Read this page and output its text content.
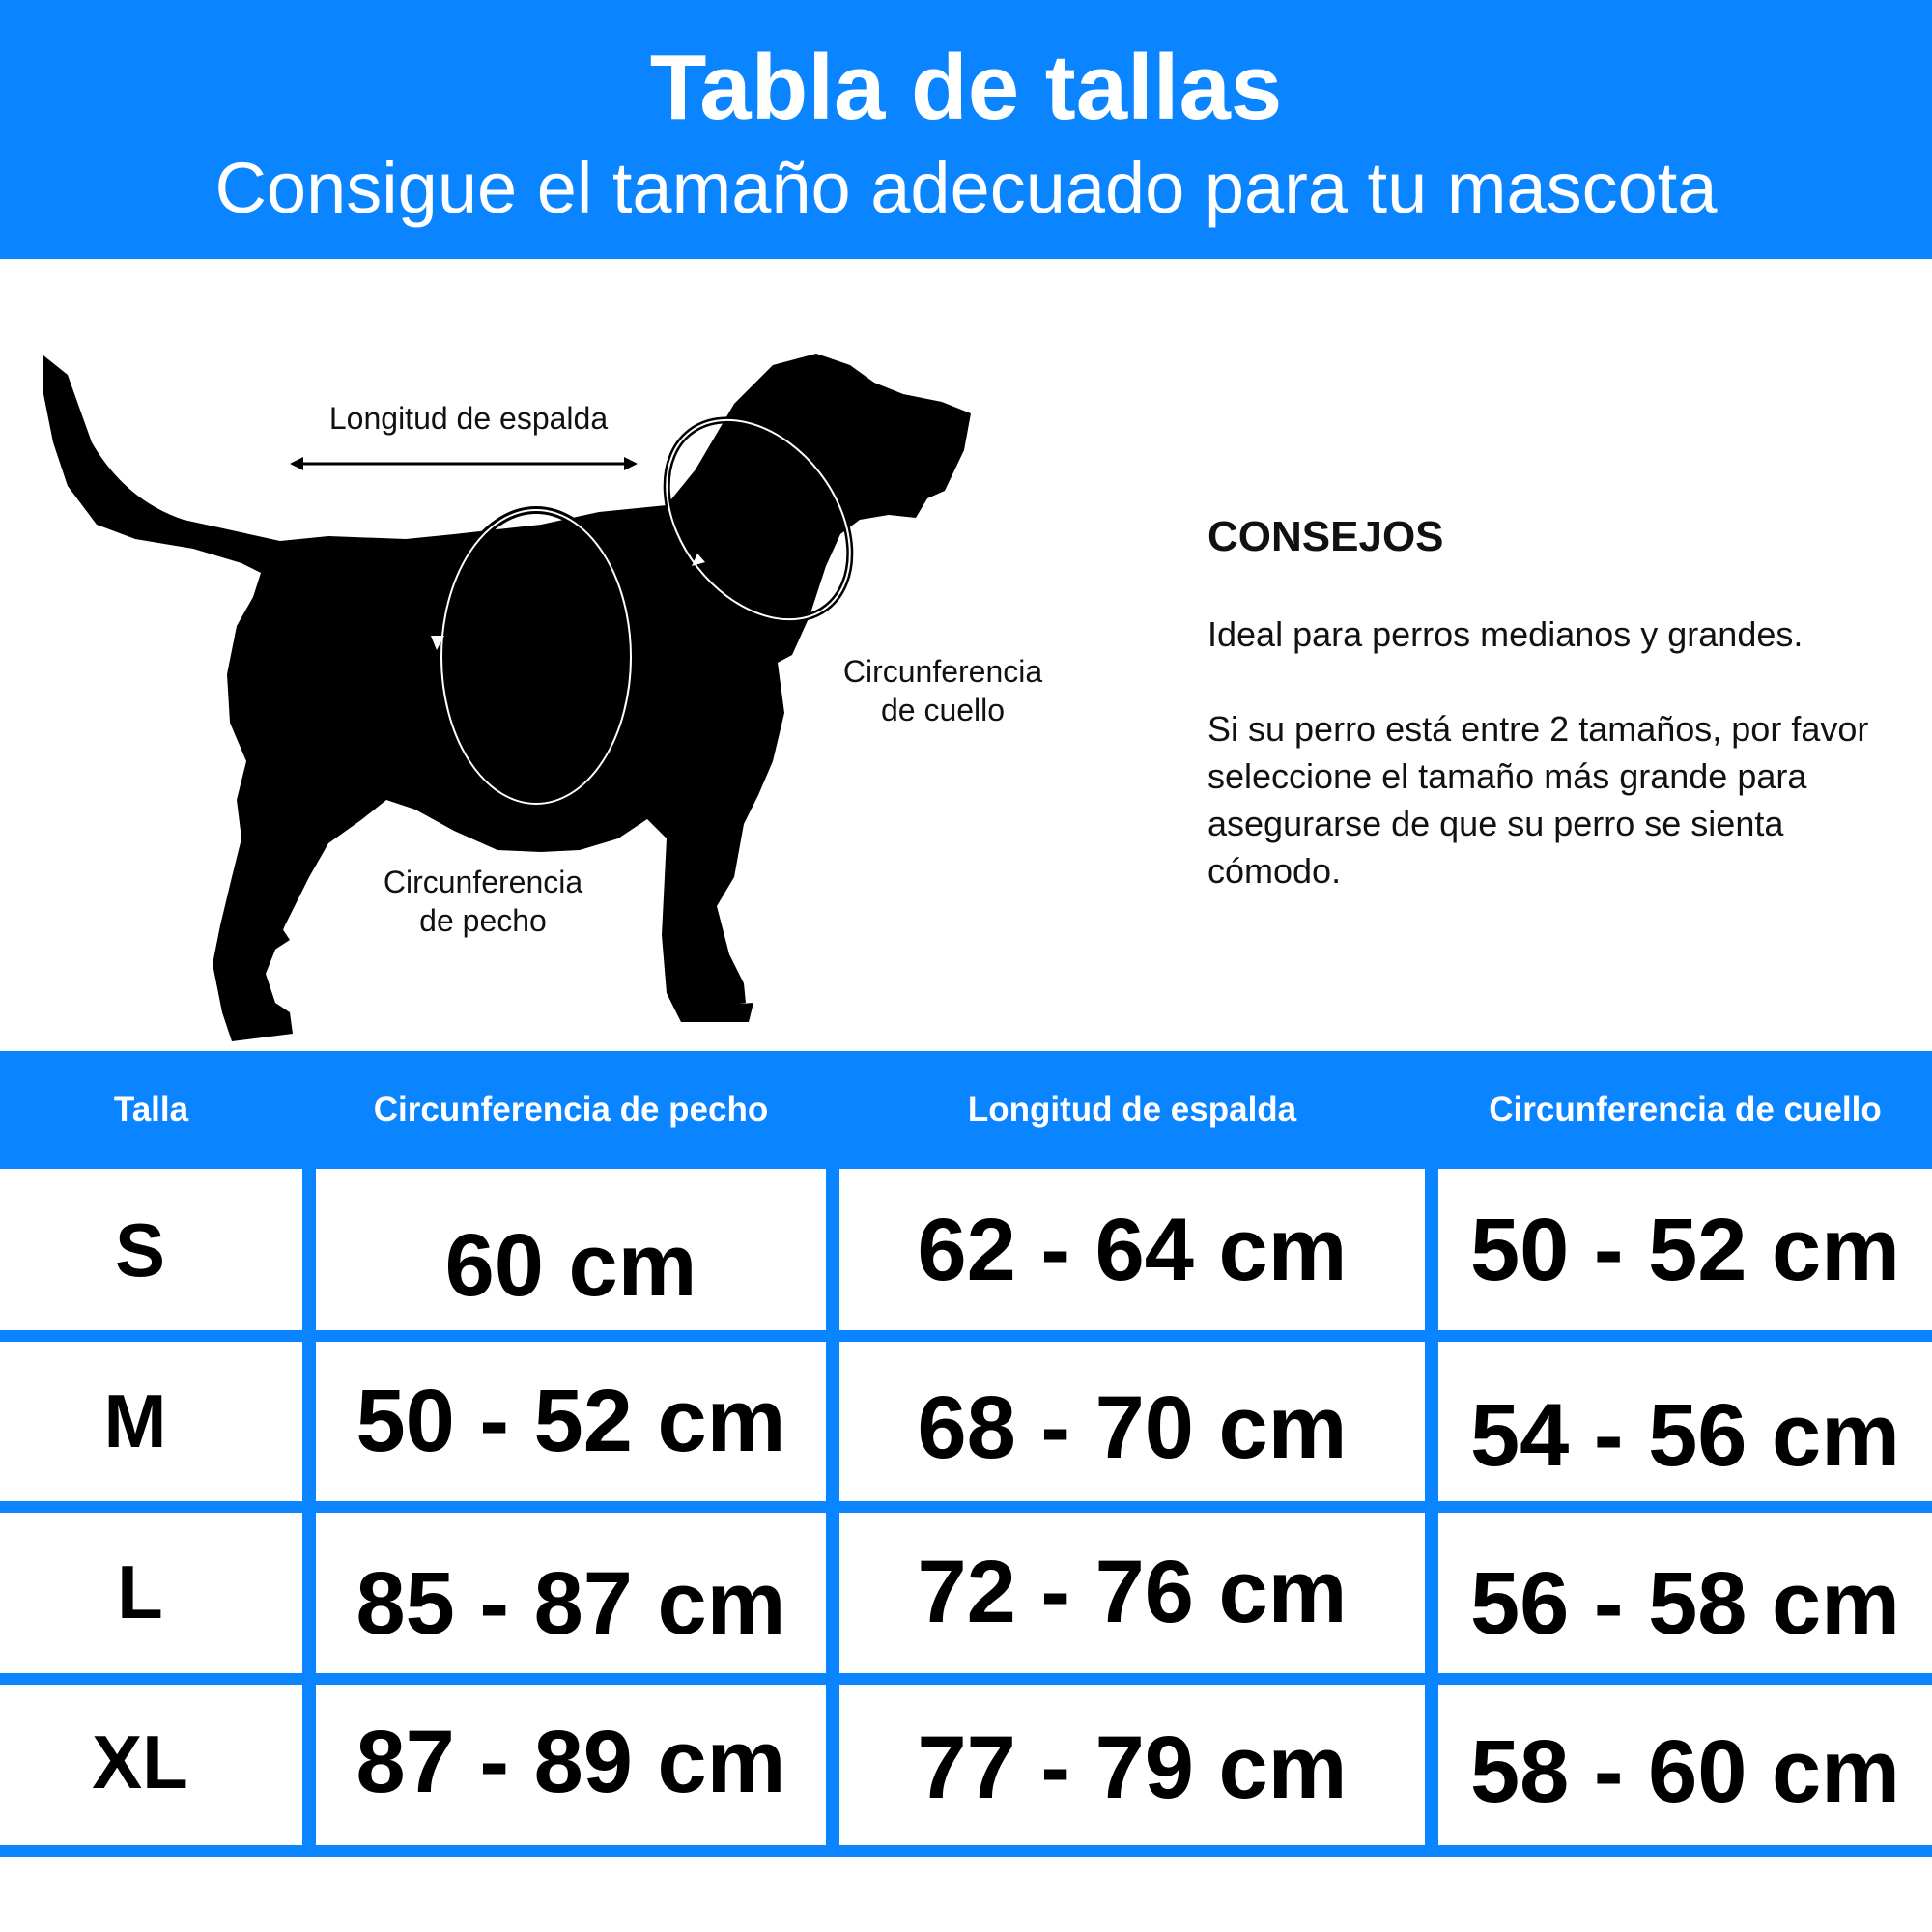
Tabla de tallas
Consigue el tamaño adecuado para tu mascota
Longitud de espalda
Circunferencia
de cuello
Circunferencia
de pecho
CONSEJOS

Ideal para perros medianos y grandes.

Si su perro está entre 2 tamaños, por favor seleccione el tamaño más grande para asegurarse de que su perro se sienta cómodo.

Talla	Circunferencia de pecho	Longitud de espalda	Circunferencia de cuello
S	60 cm	62 - 64 cm	50 - 52 cm
M	50 - 52 cm	68 - 70 cm	54 - 56 cm
L	85 - 87 cm	72 - 76 cm	56 - 58 cm
XL	87 - 89 cm	77 - 79 cm	58 - 60 cm
